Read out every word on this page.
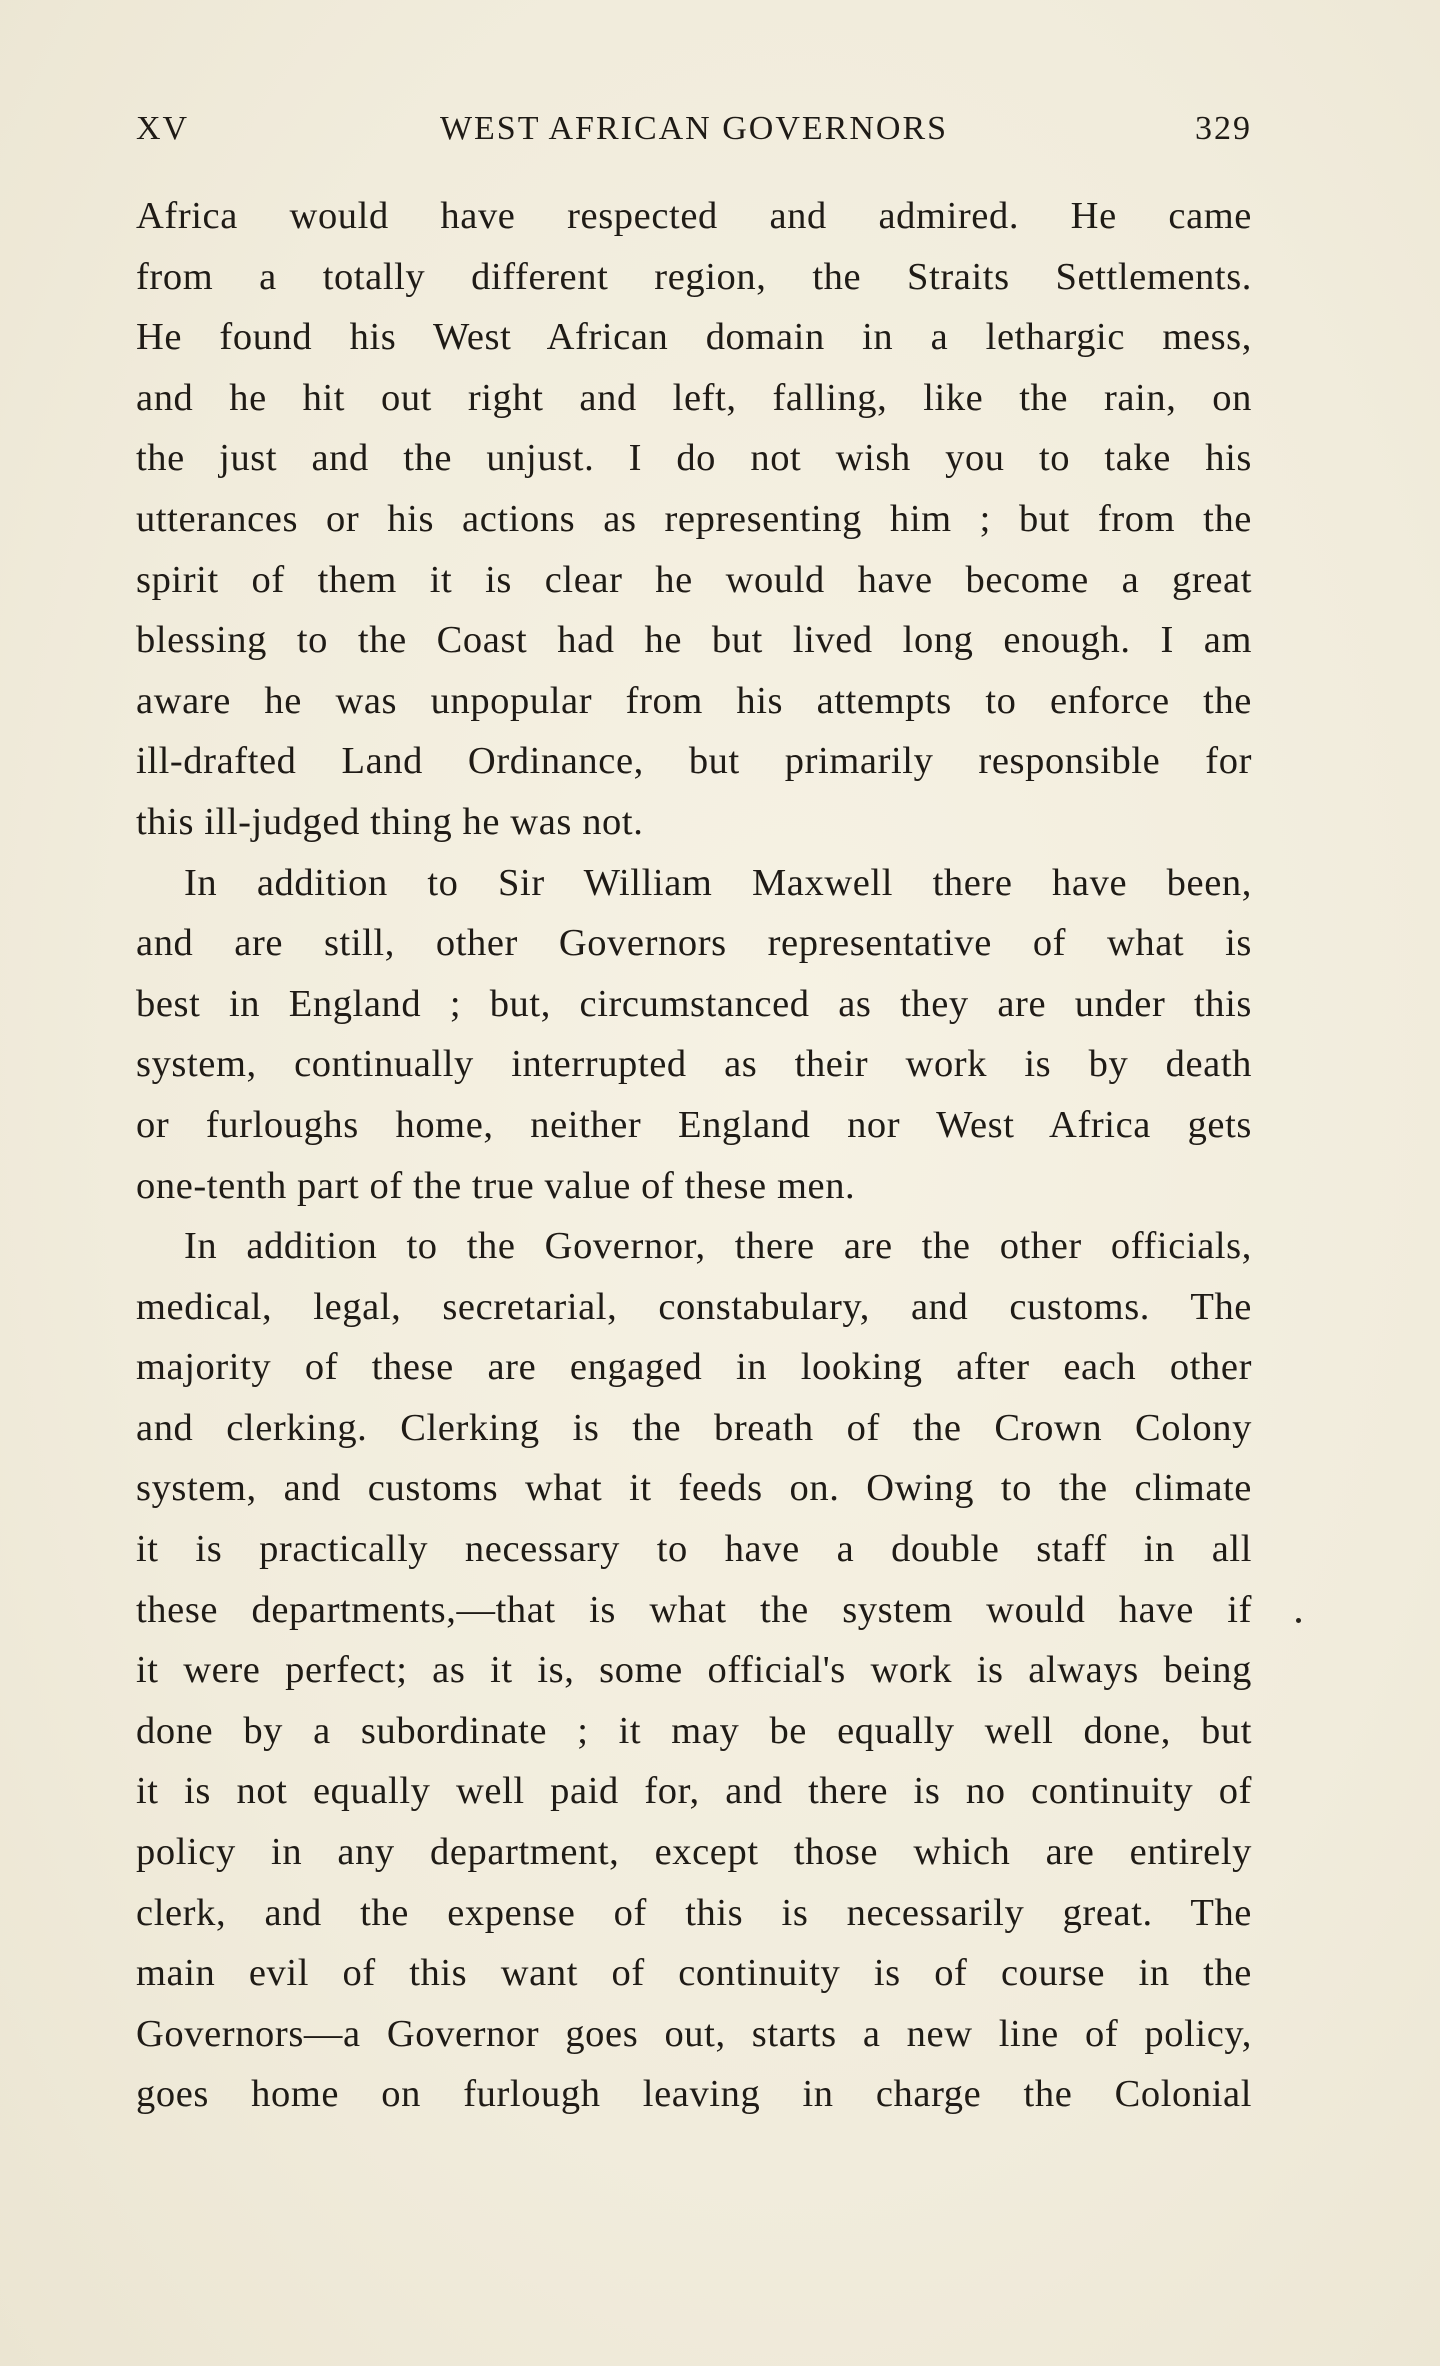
XV	WEST AFRICAN GOVERNORS	329
Africa would have respected and admired. He came
from a totally different region, the Straits Settlements.
He found his West African domain in a lethargic mess,
and he hit out right and left, falling, like the rain, on
the just and the unjust. I do not wish you to take his
utterances or his actions as representing him ; but from the
spirit of them it is clear he would have become a great
blessing to the Coast had he but lived long enough. I am
aware he was unpopular from his attempts to enforce the
ill-drafted Land Ordinance, but primarily responsible for
this ill-judged thing he was not.
In addition to Sir William Maxwell there have been,
and are still, other Governors representative of what is
best in England ; but, circumstanced as they are under this
system, continually interrupted as their work is by death
or furloughs home, neither England nor West Africa gets
one-tenth part of the true value of these men.
In addition to the Governor, there are the other officials,
medical, legal, secretarial, constabulary, and customs. The
majority of these are engaged in looking after each other
and clerking. Clerking is the breath of the Crown Colony
system, and customs what it feeds on. Owing to the climate
it is practically necessary to have a double staff in all
these departments,—that is what the system would have if
it were perfect; as it is, some official's work is always being
done by a subordinate ; it may be equally well done, but
it is not equally well paid for, and there is no continuity of
policy in any department, except those which are entirely
clerk, and the expense of this is necessarily great. The
main evil of this want of continuity is of course in the
Governors—a Governor goes out, starts a new line of policy,
goes home on furlough leaving in charge the Colonial
